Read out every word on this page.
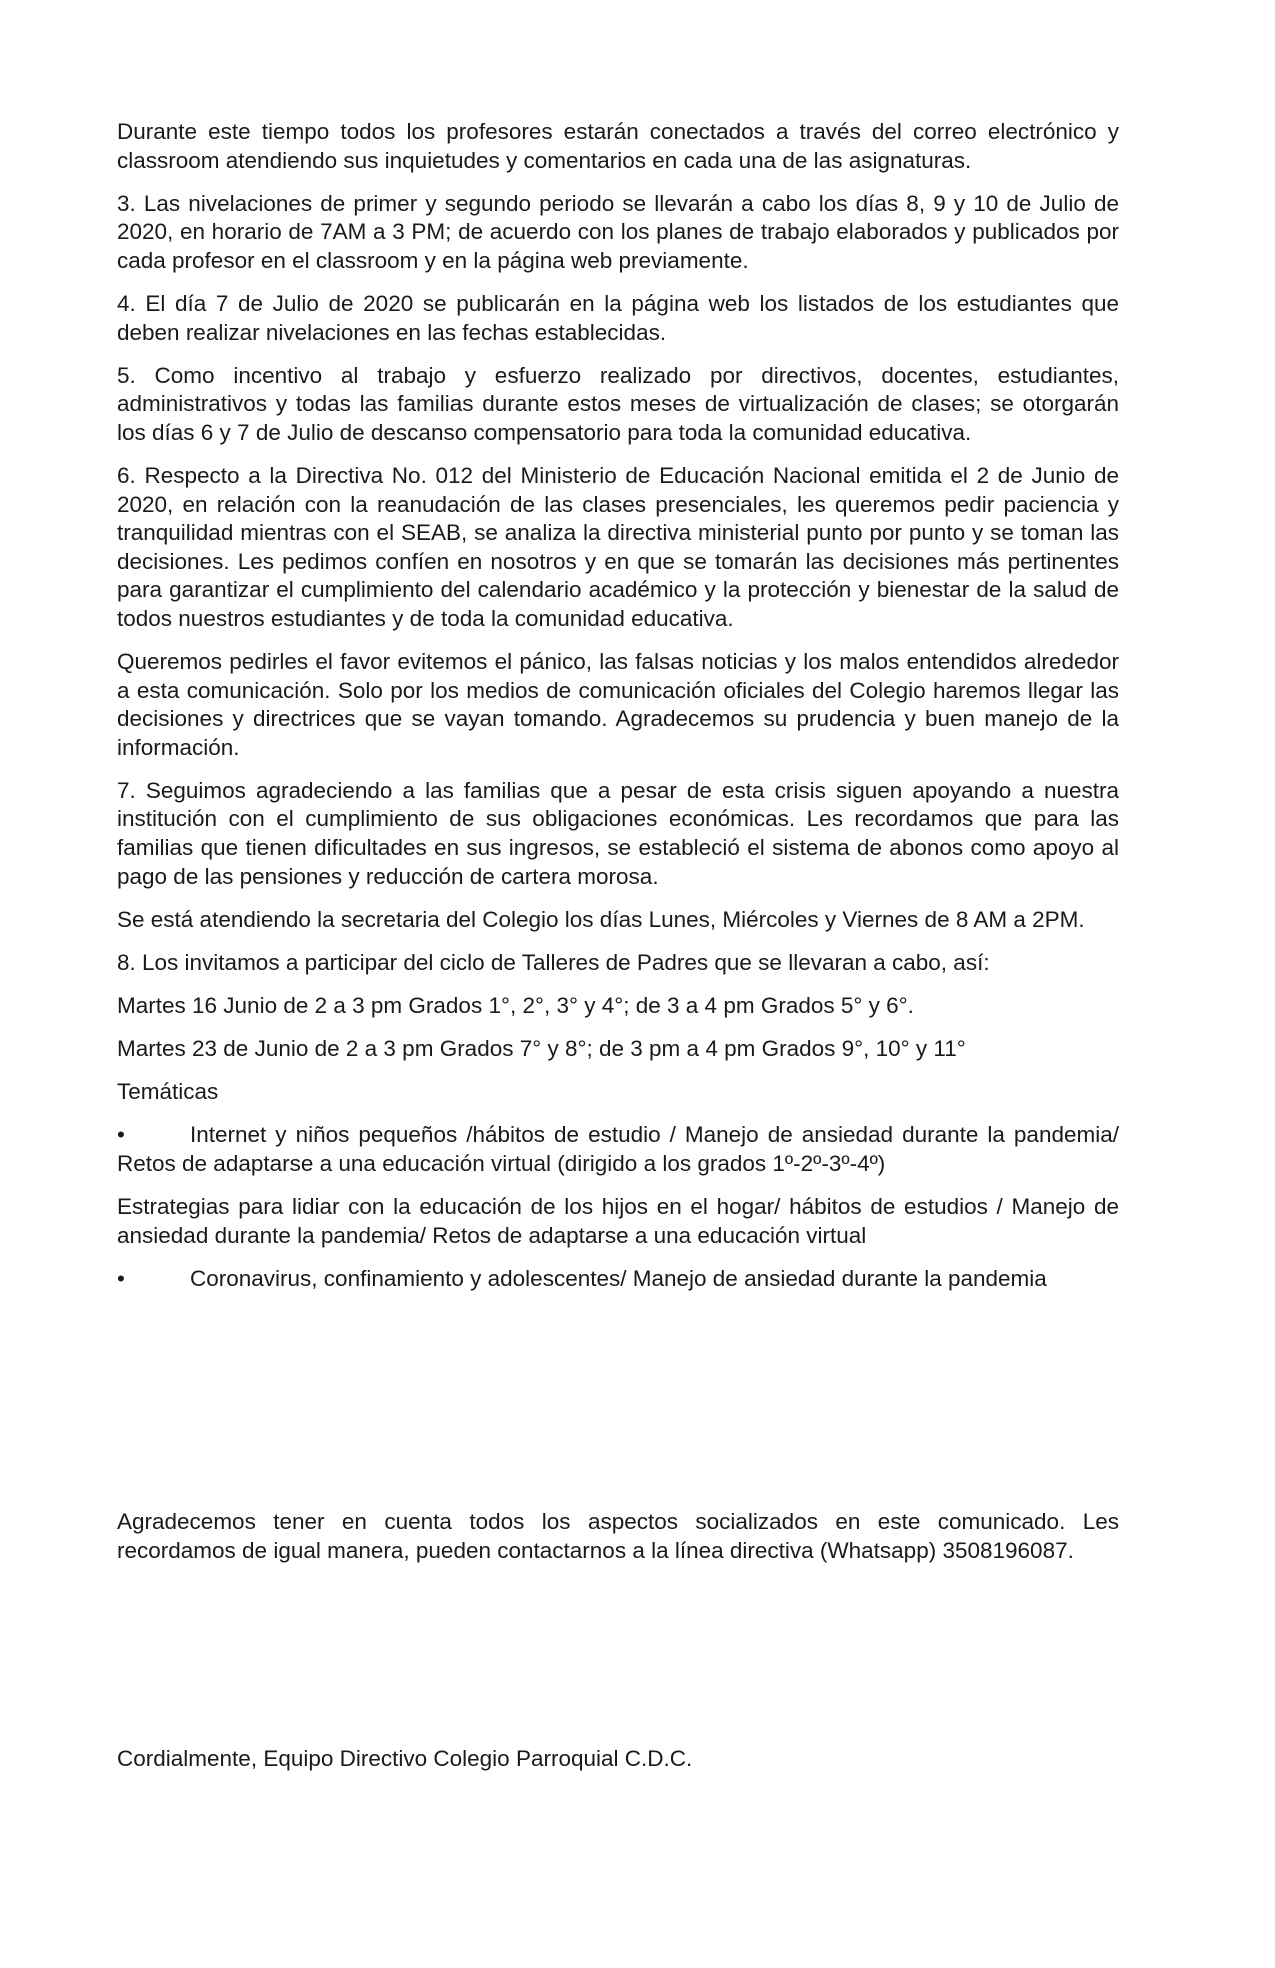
Durante este tiempo todos los profesores estarán conectados a través del correo electrónico y classroom atendiendo sus inquietudes y comentarios en cada una de las asignaturas.

3. Las nivelaciones de primer y segundo periodo se llevarán a cabo los días 8, 9 y 10 de Julio de 2020, en horario de 7AM a 3 PM; de acuerdo con los planes de trabajo elaborados y publicados por cada profesor en el classroom y en la página web previamente.

4. El día 7 de Julio de 2020 se publicarán en la página web los listados de los estudiantes que deben realizar nivelaciones en las fechas establecidas.

5. Como incentivo al trabajo y esfuerzo realizado por directivos, docentes, estudiantes, administrativos y todas las familias durante estos meses de virtualización de clases; se otorgarán los días 6 y 7 de Julio de descanso compensatorio para toda la comunidad educativa.

6. Respecto a la Directiva No. 012 del Ministerio de Educación Nacional emitida el 2 de Junio de 2020, en relación con la reanudación de las clases presenciales, les queremos pedir paciencia y tranquilidad mientras con el SEAB, se analiza la directiva ministerial punto por punto y se toman las decisiones. Les pedimos confíen en nosotros y en que se tomarán las decisiones más pertinentes para garantizar el cumplimiento del calendario académico y la protección y bienestar de la salud de todos nuestros estudiantes y de toda la comunidad educativa.

Queremos pedirles el favor evitemos el pánico, las falsas noticias y los malos entendidos alrededor a esta comunicación. Solo por los medios de comunicación oficiales del Colegio haremos llegar las decisiones y directrices que se vayan tomando. Agradecemos su prudencia y buen manejo de la información.

7. Seguimos agradeciendo a las familias que a pesar de esta crisis siguen apoyando a nuestra institución con el cumplimiento de sus obligaciones económicas. Les recordamos que para las familias que tienen dificultades en sus ingresos, se estableció el sistema de abonos como apoyo al pago de las pensiones y reducción de cartera morosa.

Se está atendiendo la secretaria del Colegio los días Lunes, Miércoles y Viernes de 8 AM a 2PM.

8. Los invitamos a participar del ciclo de Talleres de Padres que se llevaran a cabo, así:

Martes 16 Junio de 2 a 3 pm Grados 1°, 2°, 3° y 4°; de 3 a 4 pm Grados 5° y 6°.

Martes 23 de Junio de 2 a 3 pm Grados 7° y 8°; de 3 pm a 4 pm Grados 9°, 10° y 11°

Temáticas

•	Internet y niños pequeños /hábitos de estudio / Manejo de ansiedad durante la pandemia/ Retos de adaptarse a una educación virtual (dirigido a los grados 1º-2º-3º-4º)

Estrategias para lidiar con la educación de los hijos en el hogar/ hábitos de estudios / Manejo de ansiedad durante la pandemia/ Retos de adaptarse a una educación virtual

•	Coronavirus, confinamiento y adolescentes/ Manejo de ansiedad durante la pandemia

Agradecemos tener en cuenta todos los aspectos socializados en este comunicado. Les recordamos de igual manera, pueden contactarnos a la línea directiva (Whatsapp) 3508196087.

Cordialmente, Equipo Directivo Colegio Parroquial C.D.C.
